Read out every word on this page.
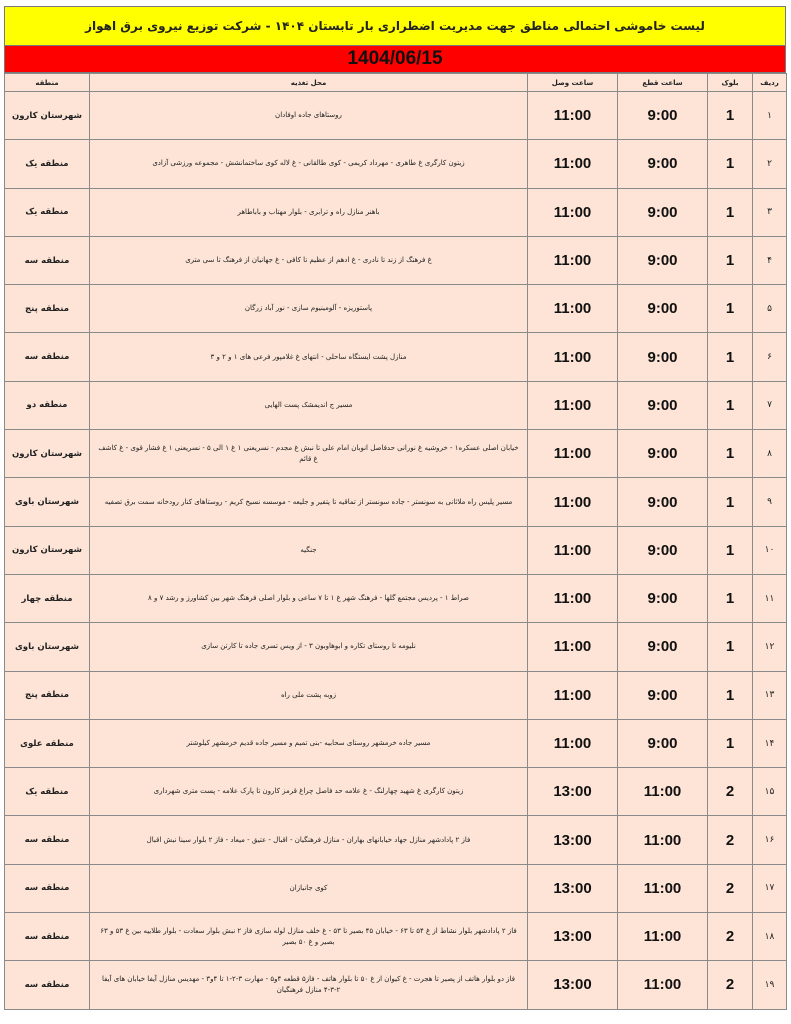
لیست خاموشی احتمالی مناطق جهت مدیریت اضطراری بار تابستان ۱۴۰۴ - شرکت توزیع نیروی برق اهواز
1404/06/15
ردیف	بلوک	ساعت قطع	ساعت وصل	محل تغذیه	منطقه
۱	1	9:00	11:00	روستاهای جاده اوفادان	شهرستان کارون
۲	1	9:00	11:00	زیتون کارگری غ طاهری - مهرداد کریمی - کوی طالقانی - غ لاله کوی ساختمانشش - مجموعه ورزشی آزادی	منطقه یک
۳	1	9:00	11:00	باهنر منازل راه و ترابری - بلوار مهتاب و باباطاهر	منطقه یک
۴	1	9:00	11:00	غ فرهنگ از زند تا نادری - غ ادهم از عظیم تا کافی - غ جهانیان از فرهنگ تا سی متری	منطقه سه
۵	1	9:00	11:00	پاستوریزه - آلومینیوم سازی - نور آباد زرگان	منطقه پنج
۶	1	9:00	11:00	منازل پشت ایستگاه ساحلی - انتهای غ غلامپور فرعی های ۱ و ۲ و ۳	منطقه سه
۷	1	9:00	11:00	مسیر ج اندیمشک پست الهایی	منطقه دو
۸	1	9:00	11:00	خیابان اصلی عسکره۱ - خروشیه غ نورانی حدفاصل انوبان امام علی تا نبش غ مجدم - نسریعنی ۱ غ ۱ الی ۵ - نسریعنی ۱ غ فشار قوی - غ کاشف غ قائم	شهرستان کارون
۹	1	9:00	11:00	مسیر پلیس راه ملاثانی به سونستر - جاده سونستر از تماقیه تا پتفیر و جلیعه - موسسه نسیخ کریم - روستاهای کنار رودخانه سمت برق تصفیه	شهرستان باوی
۱۰	1	9:00	11:00	جنگیه	شهرستان کارون
۱۱	1	9:00	11:00	صراط ۱ - پردیس مجتمع گلها - فرهنگ شهر غ ۱ تا ۷ ساعی و بلوار اصلی فرهنگ شهر بین کشاورز و رشد ۷ و ۸	منطقه چهار
۱۲	1	9:00	11:00	نلیومه تا روستای تکاره و ابوهاوبون ۳ - از ویس تسری جاده تا کارتن سازی	شهرستان باوی
۱۳	1	9:00	11:00	زوبه پشت ملی راه	منطقه پنج
۱۴	1	9:00	11:00	مسیر جاده خرمشهر روستای سحابیه -بنی تمیم و مسیر جاده قدیم خرمشهر کیلوشتر	منطقه علوی
۱۵	2	11:00	13:00	زیتون کارگری غ شهید چهارلنگ - غ علامه حد فاصل چراغ قرمز کارون تا پارک علامه - پست متری شهرداری	منطقه یک
۱۶	2	11:00	13:00	فاز ۲ پادادشهر منازل جهاد خیابانهای بهاران - منازل فرهنگیان - اقبال - عتیق - میعاد - فاز ۲ بلوار سینا نبش اقبال	منطقه سه
۱۷	2	11:00	13:00	کوی جانبازان	منطقه سه
۱۸	2	11:00	13:00	فاز ۲ پادادشهر بلوار نشاط از غ ۵۴ تا ۶۳ - خیابان ۴۵ بصیر تا ۵۳ - غ خلف منازل لوله سازی فاز ۲ نبش بلوار سعادت - بلوار طلاییه بین غ ۵۳ و ۶۳ بصیر و غ ۵۰ بصیر	منطقه سه
۱۹	2	11:00	13:00	فاز دو بلوار هاتف از پصیر تا هجرت - غ کیوان از غ ۵۰ تا بلوار هاتف - فاز۵ قطعه ۴و۵ - مهارت ۳-۲-۱ تا ۴و۳ - مهدیس منازل آیفا خیابان های آیفا ۲-۳-۴ منازل فرهنگیان	منطقه سه
